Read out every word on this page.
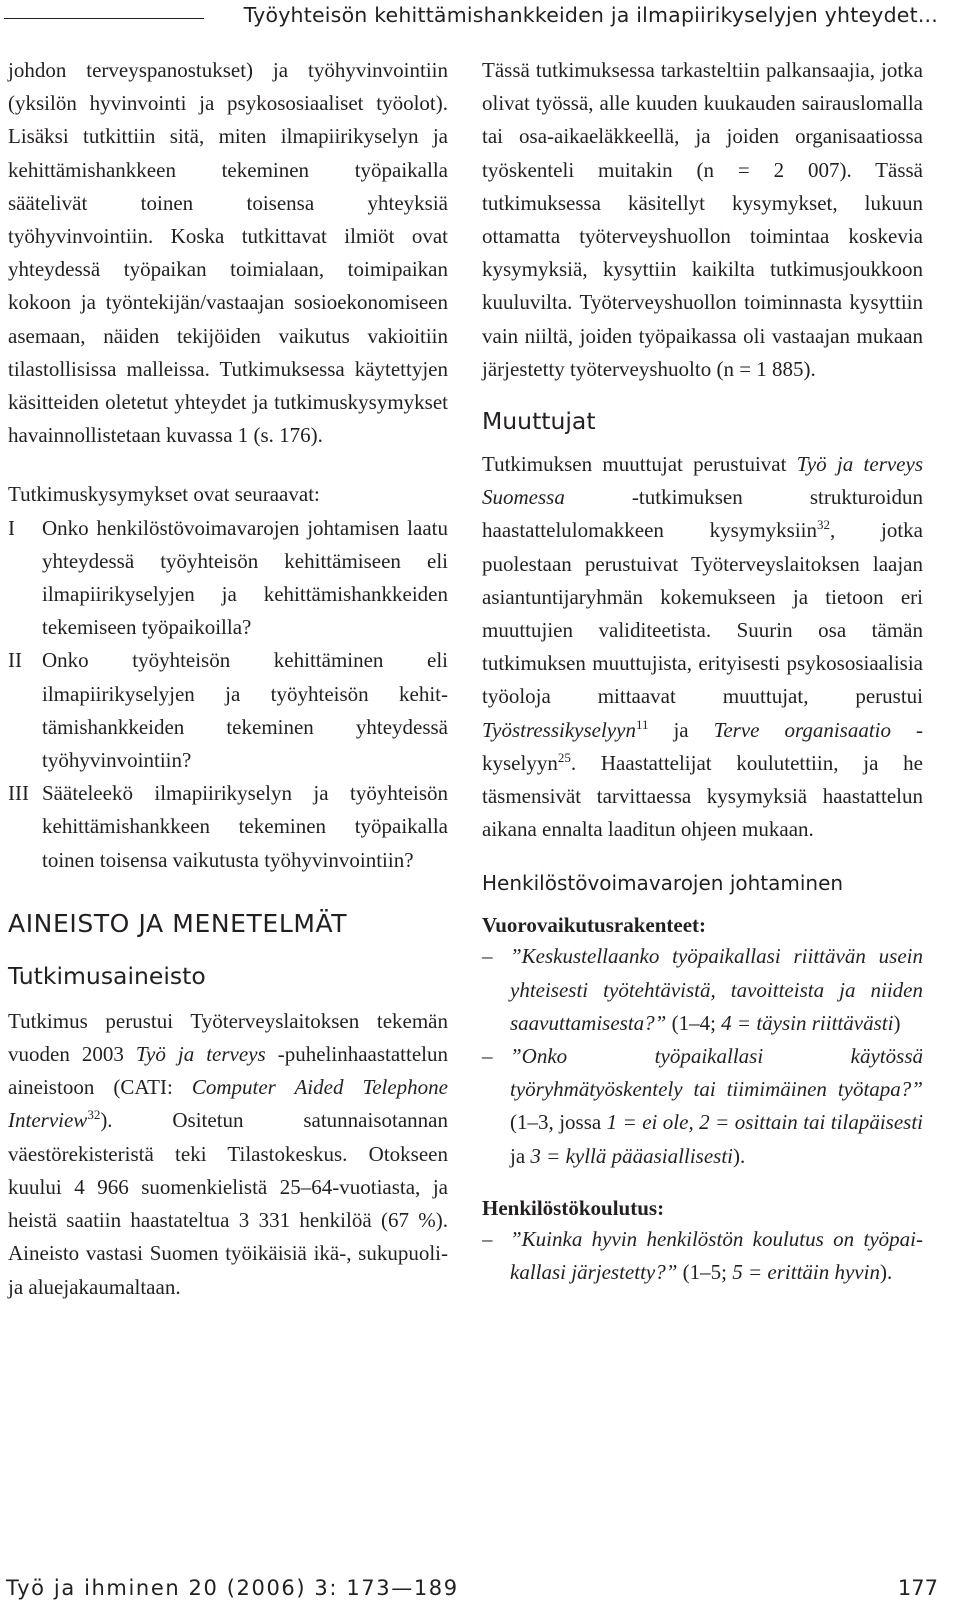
Työyhteisön kehittämishankkeiden ja ilmapiirikyselyjen yhteydet...

johdon terveyspanostukset) ja työhyvinvointiin (yksilön hyvinvointi ja psykososiaaliset työolot). Lisäksi tutkittiin sitä, miten ilmapiirikyselyn ja kehittämishankkeen tekeminen työpaikalla säätelivät toinen toisensa yhteyksiä työhyvinvointiin. Koska tutkittavat ilmiöt ovat yhteydessä työpaikan toimialaan, toimipaikan kokoon ja työntekijän/vastaajan sosioekonomiseen asemaan, näiden tekijöiden vaikutus vakioitiin tilastollisissa malleissa. Tutkimuksessa käytettyjen käsitteiden oletetut yhteydet ja tutkimuskysymykset havainnollistetaan kuvassa 1 (s. 176).

Tutkimuskysymykset ovat seuraavat:

I	Onko henkilöstövoimavarojen johtamisen laatu yhteydessä työyhteisön kehittämiseen eli ilmapiirikyselyjen ja kehittämishankkeiden tekemiseen työpaikoilla?
II Onko työyhteisön kehittäminen eli ilmapiirikyselyjen ja työyhteisön kehittämishankkeiden tekeminen yhteydessä työhyvinvointiin?
III Sääteleekö ilmapiirikyselyn ja työyhteisön kehittämishankkeen tekeminen työpaikalla toinen toisensa vaikutusta työhyvinvointiin?
AINEISTO JA MENETELMÄT
Tutkimusaineisto

Tutkimus perustui Työterveyslaitoksen tekemän vuoden 2003 Työ ja terveys -puhelinhaastattelun aineistoon (CATI: Computer Aided Telephone Interview$^{32}$). Ositetun satunnaisotannan väestörekisteristä teki Tilastokeskus. Otokseen kuului 4 966 suomenkielistä 25–64-vuotiasta, ja heistä saatiin haastateltua 3 331 henkilöä (67 %). Aineisto vastasi Suomen työikäisiä ikä-, sukupuolija aluejakaumaltaan.

Tässä tutkimuksessa tarkasteltiin palkansaajia, jotka olivat työssä, alle kuuden kuukauden sairauslomalla tai osa-aikaeläkkeellä, ja joiden organisaatiossa työskenteli muitakin (n = 2 007). Tässä tutkimuksessa käsitellyt kysymykset, lukuun ottamatta työterveyshuollon toimintaa koskevia kysymyksiä, kysyttiin kaikilta tutkimusjoukkoon kuuluvilta. Työterveyshuollon toiminnasta kysyttiin vain niiltä, joiden työpaikassa oli vastaajan mukaan järjestetty työterveyshuolto (n = 1 885).

Muuttujat

Tutkimuksen muuttujat perustuivat Työ ja terveys Suomessa -tutkimuksen strukturoidun haastattelulomakkeen kysymyksiin$^{32}$, jotka puolestaan perustuivat Työterveyslaitoksen laajan asiantuntijaryhmän kokemukseen ja tietoon eri muuttujien validiteetista. Suurin osa tämän tutkimuksen muuttujista, erityisesti psykososiaalisia työoloja mittaavat muuttujat, perustui Työstressikyselyyn$^{11}$ ja Terve organisaatio -kyselyyn$^{25}$. Haastattelijat koulutettiin, ja he täsmensivät tarvittaessa kysymyksiä haastattelun aikana ennalta laaditun ohjeen mukaan.

Henkilöstövoimavarojen johtaminen
Vuorovaikutusrakenteet:
– ”Keskustellaanko työpaikallasi riittävän usein yhteisesti työtehtävistä, tavoitteista ja niiden saavuttamisesta?” (1–4; 4 = täysin riittävästi)
– ”Onko työpaikallasi käytössä työryhmätyöskentely tai tiimimäinen työtapa?” (1–3, jossa 1 = ei ole, 2 = osittain tai tilapäisesti ja 3 = kyllä pääasiallisesti).
Henkilöstökoulutus:
– ”Kuinka hyvin henkilöstön koulutus on työpaikallasi järjestetty?” (1–5; 5 = erittäin hyvin).
Työ ja ihminen 20 (2006) 3: 173—189	177
